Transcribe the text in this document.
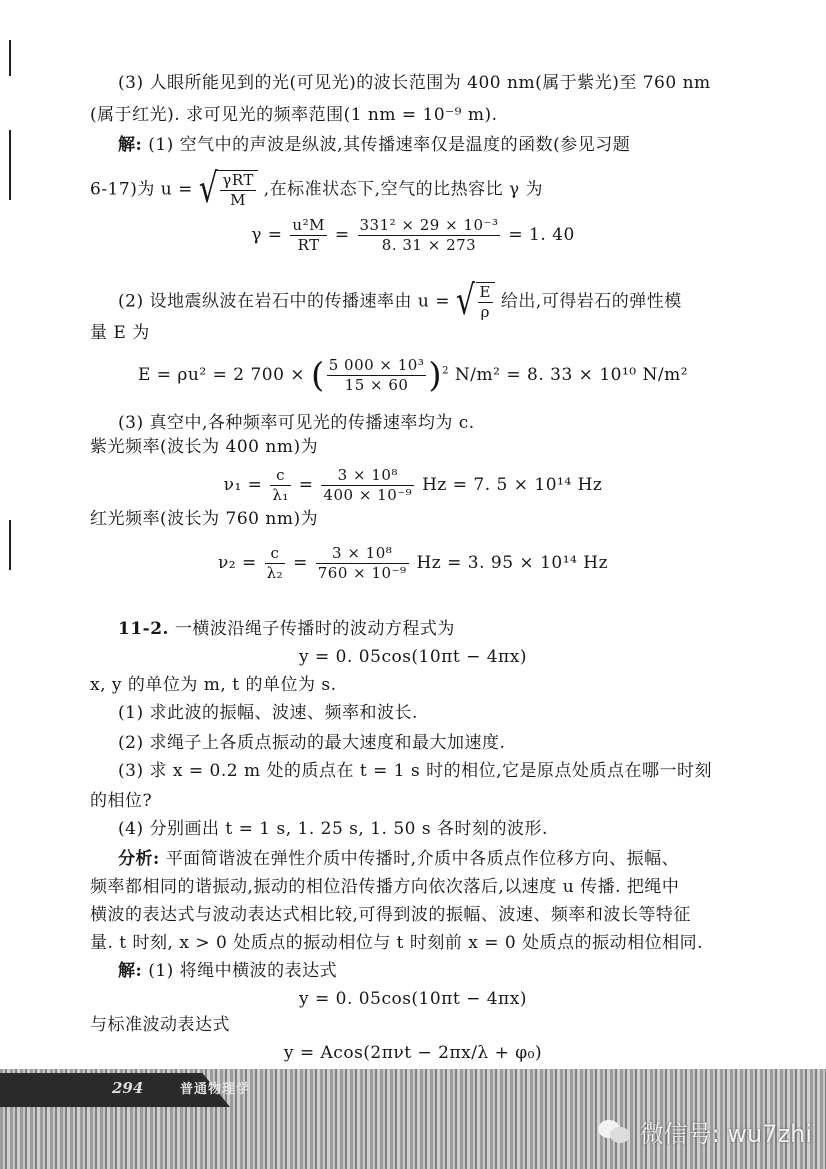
(3) 人眼所能见到的光(可见光)的波长范围为 400 nm(属于紫光)至 760 nm
(属于红光). 求可见光的频率范围(1 nm = 10⁻⁹ m).
解: (1) 空气中的声波是纵波,其传播速率仅是温度的函数(参见习题
6-17)为 u = √ $\frac{\text{γRT}}{M}$ ,在标准状态下,空气的比热容比 γ 为
$\gamma = \frac{\text{u²M}}{RT} = \frac{\text{331² × 29 × 10⁻³}}{8. 31 \times 273} = 1$. 40
(2) 设地震纵波在岩石中的传播速率由 u = √ $\frac{E}{\rho}$ 给出,可得岩石的弹性模
量 E 为
E = ρu² = 2 700 × ( $\frac{\text{5 000 × 10³}}{15 \times 60} )^2$ N/m² = 8. 33 × 10¹⁰ N/m²
(3) 真空中,各种频率可见光的传播速率均为 c.
紫光频率(波长为 400 nm)为
$\nu_1 = \frac{c}{\text{λ₁}} = \frac{\text{3 × 10⁸}}{\text{400 × 10⁻⁹}}$ Hz = 7. 5 × 10¹⁴ Hz
红光频率(波长为 760 nm)为
$\nu_2 = \frac{c}{\text{λ₂}} = \frac{\text{3 × 10⁸}}{\text{760 × 10⁻⁹}}$ Hz = 3. 95 × 10¹⁴ Hz
11-2. 一横波沿绳子传播时的波动方程式为
y = 0. 05cos(10πt − 4πx)
x, y 的单位为 m, t 的单位为 s.
(1) 求此波的振幅、波速、频率和波长.
(2) 求绳子上各质点振动的最大速度和最大加速度.
(3) 求 x = 0.2 m 处的质点在 t = 1 s 时的相位,它是原点处质点在哪一时刻
的相位?
(4) 分别画出 t = 1 s, 1. 25 s, 1. 50 s 各时刻的波形.
分析: 平面简谐波在弹性介质中传播时,介质中各质点作位移方向、振幅、
频率都相同的谐振动,振动的相位沿传播方向依次落后,以速度 u 传播. 把绳中
横波的表达式与波动表达式相比较,可得到波的振幅、波速、频率和波长等特征
量. t 时刻, x > 0 处质点的振动相位与 t 时刻前 x = 0 处质点的振动相位相同.
解: (1) 将绳中横波的表达式
y = 0. 05cos(10πt − 4πx)
与标准波动表达式
y = Acos(2πνt − 2πx/λ + φ₀)
294	普通物理学
微信号: wu7zhi
